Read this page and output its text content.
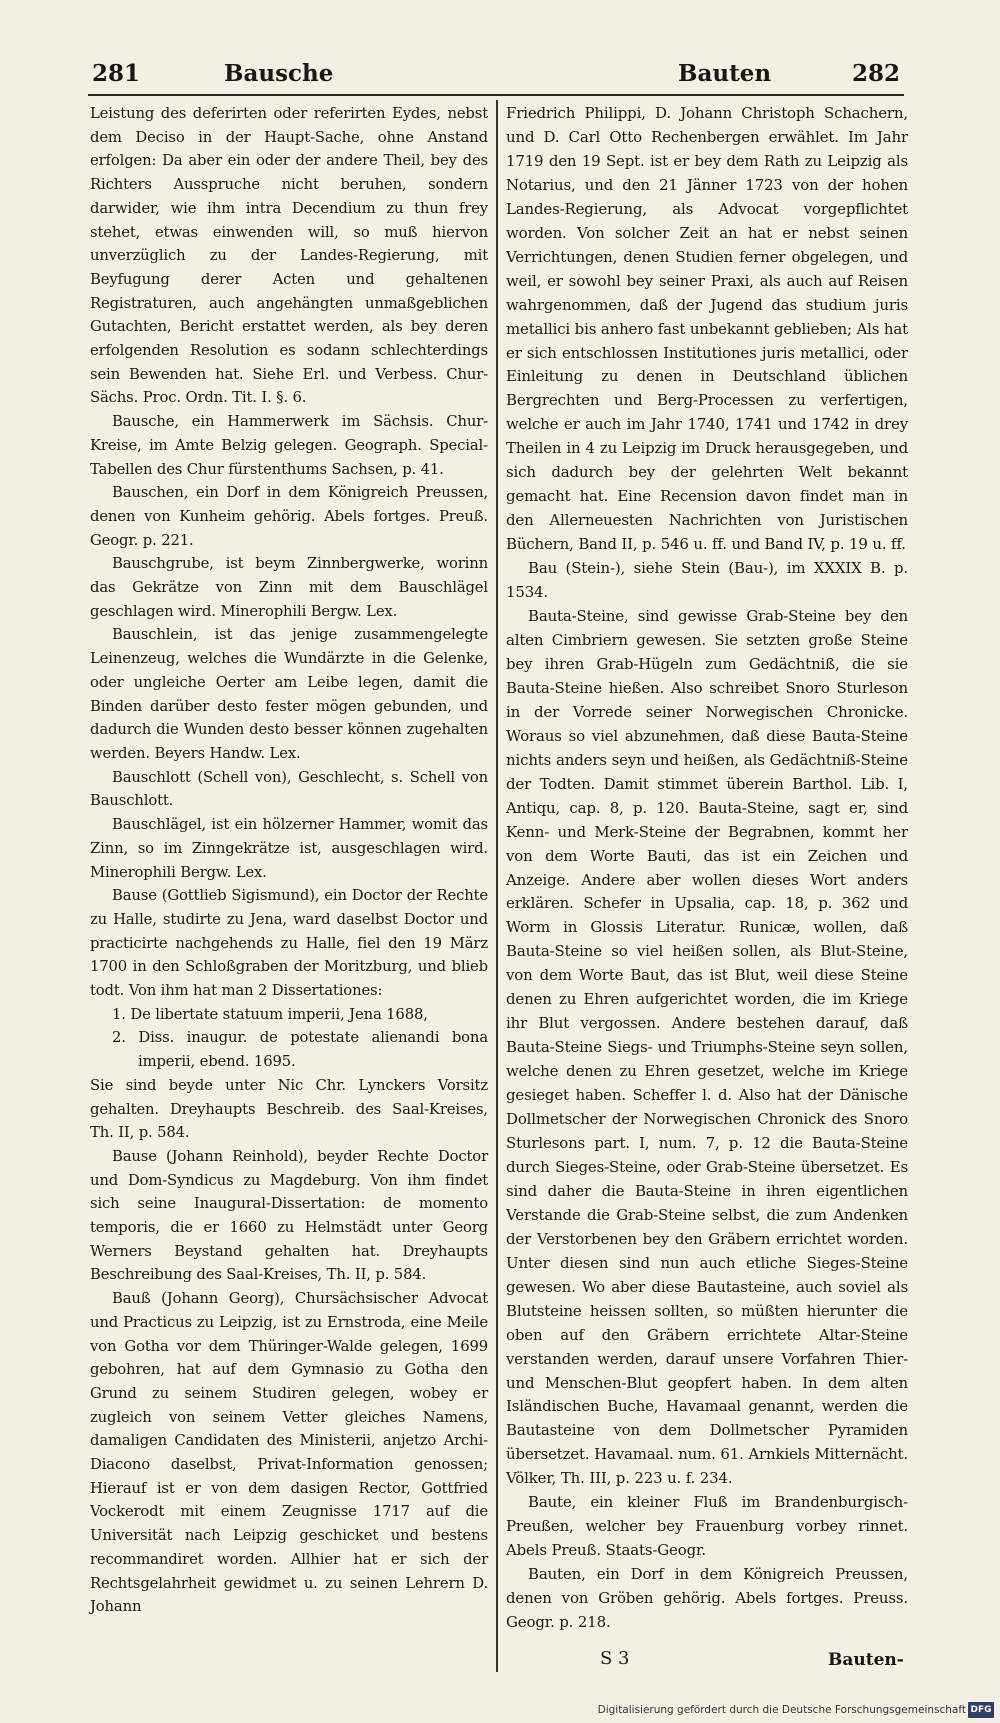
281	Bausche	Bauten	282

Leistung des deferirten oder referirten Eydes, nebst dem Deciso in der Haupt-Sache, ohne Anstand erfolgen: Da aber ein oder der andere Theil, bey des Richters Ausspruche nicht beruhen, sondern darwider, wie ihm intra Decendium zu thun frey stehet, etwas einwenden will, so muß hiervon unverzüglich zu der Landes-Regierung, mit Beyfugung derer Acten und gehaltenen Registraturen, auch angehängten unmaßgeblichen Gutachten, Bericht erstattet werden, als bey deren erfolgenden Resolution es sodann schlechterdings sein Bewenden hat. Siehe Erl. und Verbess. Chur-Sächs. Proc. Ordn. Tit. I. §. 6.

Bausche, ein Hammerwerk im Sächsis. Chur-Kreise, im Amte Belzig gelegen. Geograph. Special-Tabellen des Chur fürstenthums Sachsen, p. 41.

Bauschen, ein Dorf in dem Königreich Preussen, denen von Kunheim gehörig. Abels fortges. Preuß. Geogr. p. 221.

Bauschgrube, ist beym Zinnbergwerke, worinn das Gekrätze von Zinn mit dem Bauschlägel geschlagen wird. Minerophili Bergw. Lex.

Bauschlein, ist das jenige zusammengelegte Leinenzeug, welches die Wundärzte in die Gelenke, oder ungleiche Oerter am Leibe legen, damit die Binden darüber desto fester mögen gebunden, und dadurch die Wunden desto besser können zugehalten werden. Beyers Handw. Lex.

Bauschlott (Schell von), Geschlecht, s. Schell von Bauschlott.

Bauschlägel, ist ein hölzerner Hammer, womit das Zinn, so im Zinngekrätze ist, ausgeschlagen wird. Minerophili Bergw. Lex.

Bause (Gottlieb Sigismund), ein Doctor der Rechte zu Halle, studirte zu Jena, ward daselbst Doctor und practicirte nachgehends zu Halle, fiel den 19 März 1700 in den Schloßgraben der Moritzburg, und blieb todt. Von ihm hat man 2 Dissertationes:

1. De libertate statuum imperii, Jena 1688,

2. Diss. inaugur. de potestate alienandi bona imperii, ebend. 1695.

Sie sind beyde unter Nic Chr. Lynckers Vorsitz gehalten. Dreyhaupts Beschreib. des Saal-Kreises, Th. II, p. 584.

Bause (Johann Reinhold), beyder Rechte Doctor und Dom-Syndicus zu Magdeburg. Von ihm findet sich seine Inaugural-Dissertation: de momento temporis, die er 1660 zu Helmstädt unter Georg Werners Beystand gehalten hat. Dreyhaupts Beschreibung des Saal-Kreises, Th. II, p. 584.

Bauß (Johann Georg), Chursächsischer Advocat und Practicus zu Leipzig, ist zu Ernstroda, eine Meile von Gotha vor dem Thüringer-Walde gelegen, 1699 gebohren, hat auf dem Gymnasio zu Gotha den Grund zu seinem Studiren gelegen, wobey er zugleich von seinem Vetter gleiches Namens, damaligen Candidaten des Ministerii, anjetzo Archi-Diacono daselbst, Privat-Information genossen; Hierauf ist er von dem dasigen Rector, Gottfried Vockerodt mit einem Zeugnisse 1717 auf die Universität nach Leipzig geschicket und bestens recommandiret worden. Allhier hat er sich der Rechtsgelahrheit gewidmet u. zu seinen Lehrern D. Johann

Friedrich Philippi, D. Johann Christoph Schachern, und D. Carl Otto Rechenbergen erwählet. Im Jahr 1719 den 19 Sept. ist er bey dem Rath zu Leipzig als Notarius, und den 21 Jänner 1723 von der hohen Landes-Regierung, als Advocat vorgepflichtet worden. Von solcher Zeit an hat er nebst seinen Verrichtungen, denen Studien ferner obgelegen, und weil, er sowohl bey seiner Praxi, als auch auf Reisen wahrgenommen, daß der Jugend das studium juris metallici bis anhero fast unbekannt geblieben; Als hat er sich entschlossen Institutiones juris metallici, oder Einleitung zu denen in Deutschland üblichen Bergrechten und Berg-Processen zu verfertigen, welche er auch im Jahr 1740, 1741 und 1742 in drey Theilen in 4 zu Leipzig im Druck herausgegeben, und sich dadurch bey der gelehrten Welt bekannt gemacht hat. Eine Recension davon findet man in den Allerneuesten Nachrichten von Juristischen Büchern, Band II, p. 546 u. ff. und Band IV, p. 19 u. ff.

Bau (Stein-), siehe Stein (Bau-), im XXXIX B. p. 1534.

Bauta-Steine, sind gewisse Grab-Steine bey den alten Cimbriern gewesen. Sie setzten große Steine bey ihren Grab-Hügeln zum Gedächtniß, die sie Bauta-Steine hießen. Also schreibet Snoro Sturleson in der Vorrede seiner Norwegischen Chronicke. Woraus so viel abzunehmen, daß diese Bauta-Steine nichts anders seyn und heißen, als Gedächtniß-Steine der Todten. Damit stimmet überein Barthol. Lib. I, Antiqu, cap. 8, p. 120. Bauta-Steine, sagt er, sind Kenn- und Merk-Steine der Begrabnen, kommt her von dem Worte Bauti, das ist ein Zeichen und Anzeige. Andere aber wollen dieses Wort anders erklären. Schefer in Upsalia, cap. 18, p. 362 und Worm in Glossis Literatur. Runicæ, wollen, daß Bauta-Steine so viel heißen sollen, als Blut-Steine, von dem Worte Baut, das ist Blut, weil diese Steine denen zu Ehren aufgerichtet worden, die im Kriege ihr Blut vergossen. Andere bestehen darauf, daß Bauta-Steine Siegs- und Triumphs-Steine seyn sollen, welche denen zu Ehren gesetzet, welche im Kriege gesieget haben. Scheffer l. d. Also hat der Dänische Dollmetscher der Norwegischen Chronick des Snoro Sturlesons part. I, num. 7, p. 12 die Bauta-Steine durch Sieges-Steine, oder Grab-Steine übersetzet. Es sind daher die Bauta-Steine in ihren eigentlichen Verstande die Grab-Steine selbst, die zum Andenken der Verstorbenen bey den Gräbern errichtet worden. Unter diesen sind nun auch etliche Sieges-Steine gewesen. Wo aber diese Bautasteine, auch soviel als Blutsteine heissen sollten, so müßten hierunter die oben auf den Gräbern errichtete Altar-Steine verstanden werden, darauf unsere Vorfahren Thier- und Menschen-Blut geopfert haben. In dem alten Isländischen Buche, Havamaal genannt, werden die Bautasteine von dem Dollmetscher Pyramiden übersetzet. Havamaal. num. 61. Arnkiels Mitternächt. Völker, Th. III, p. 223 u. f. 234.

Baute, ein kleiner Fluß im Brandenburgisch-Preußen, welcher bey Frauenburg vorbey rinnet. Abels Preuß. Staats-Geogr.

Bauten, ein Dorf in dem Königreich Preussen, denen von Gröben gehörig. Abels fortges. Preuss. Geogr. p. 218.

S 3	Bauten-
Digitalisierung gefördert durch die Deutsche Forschungsgemeinschaft DFG
